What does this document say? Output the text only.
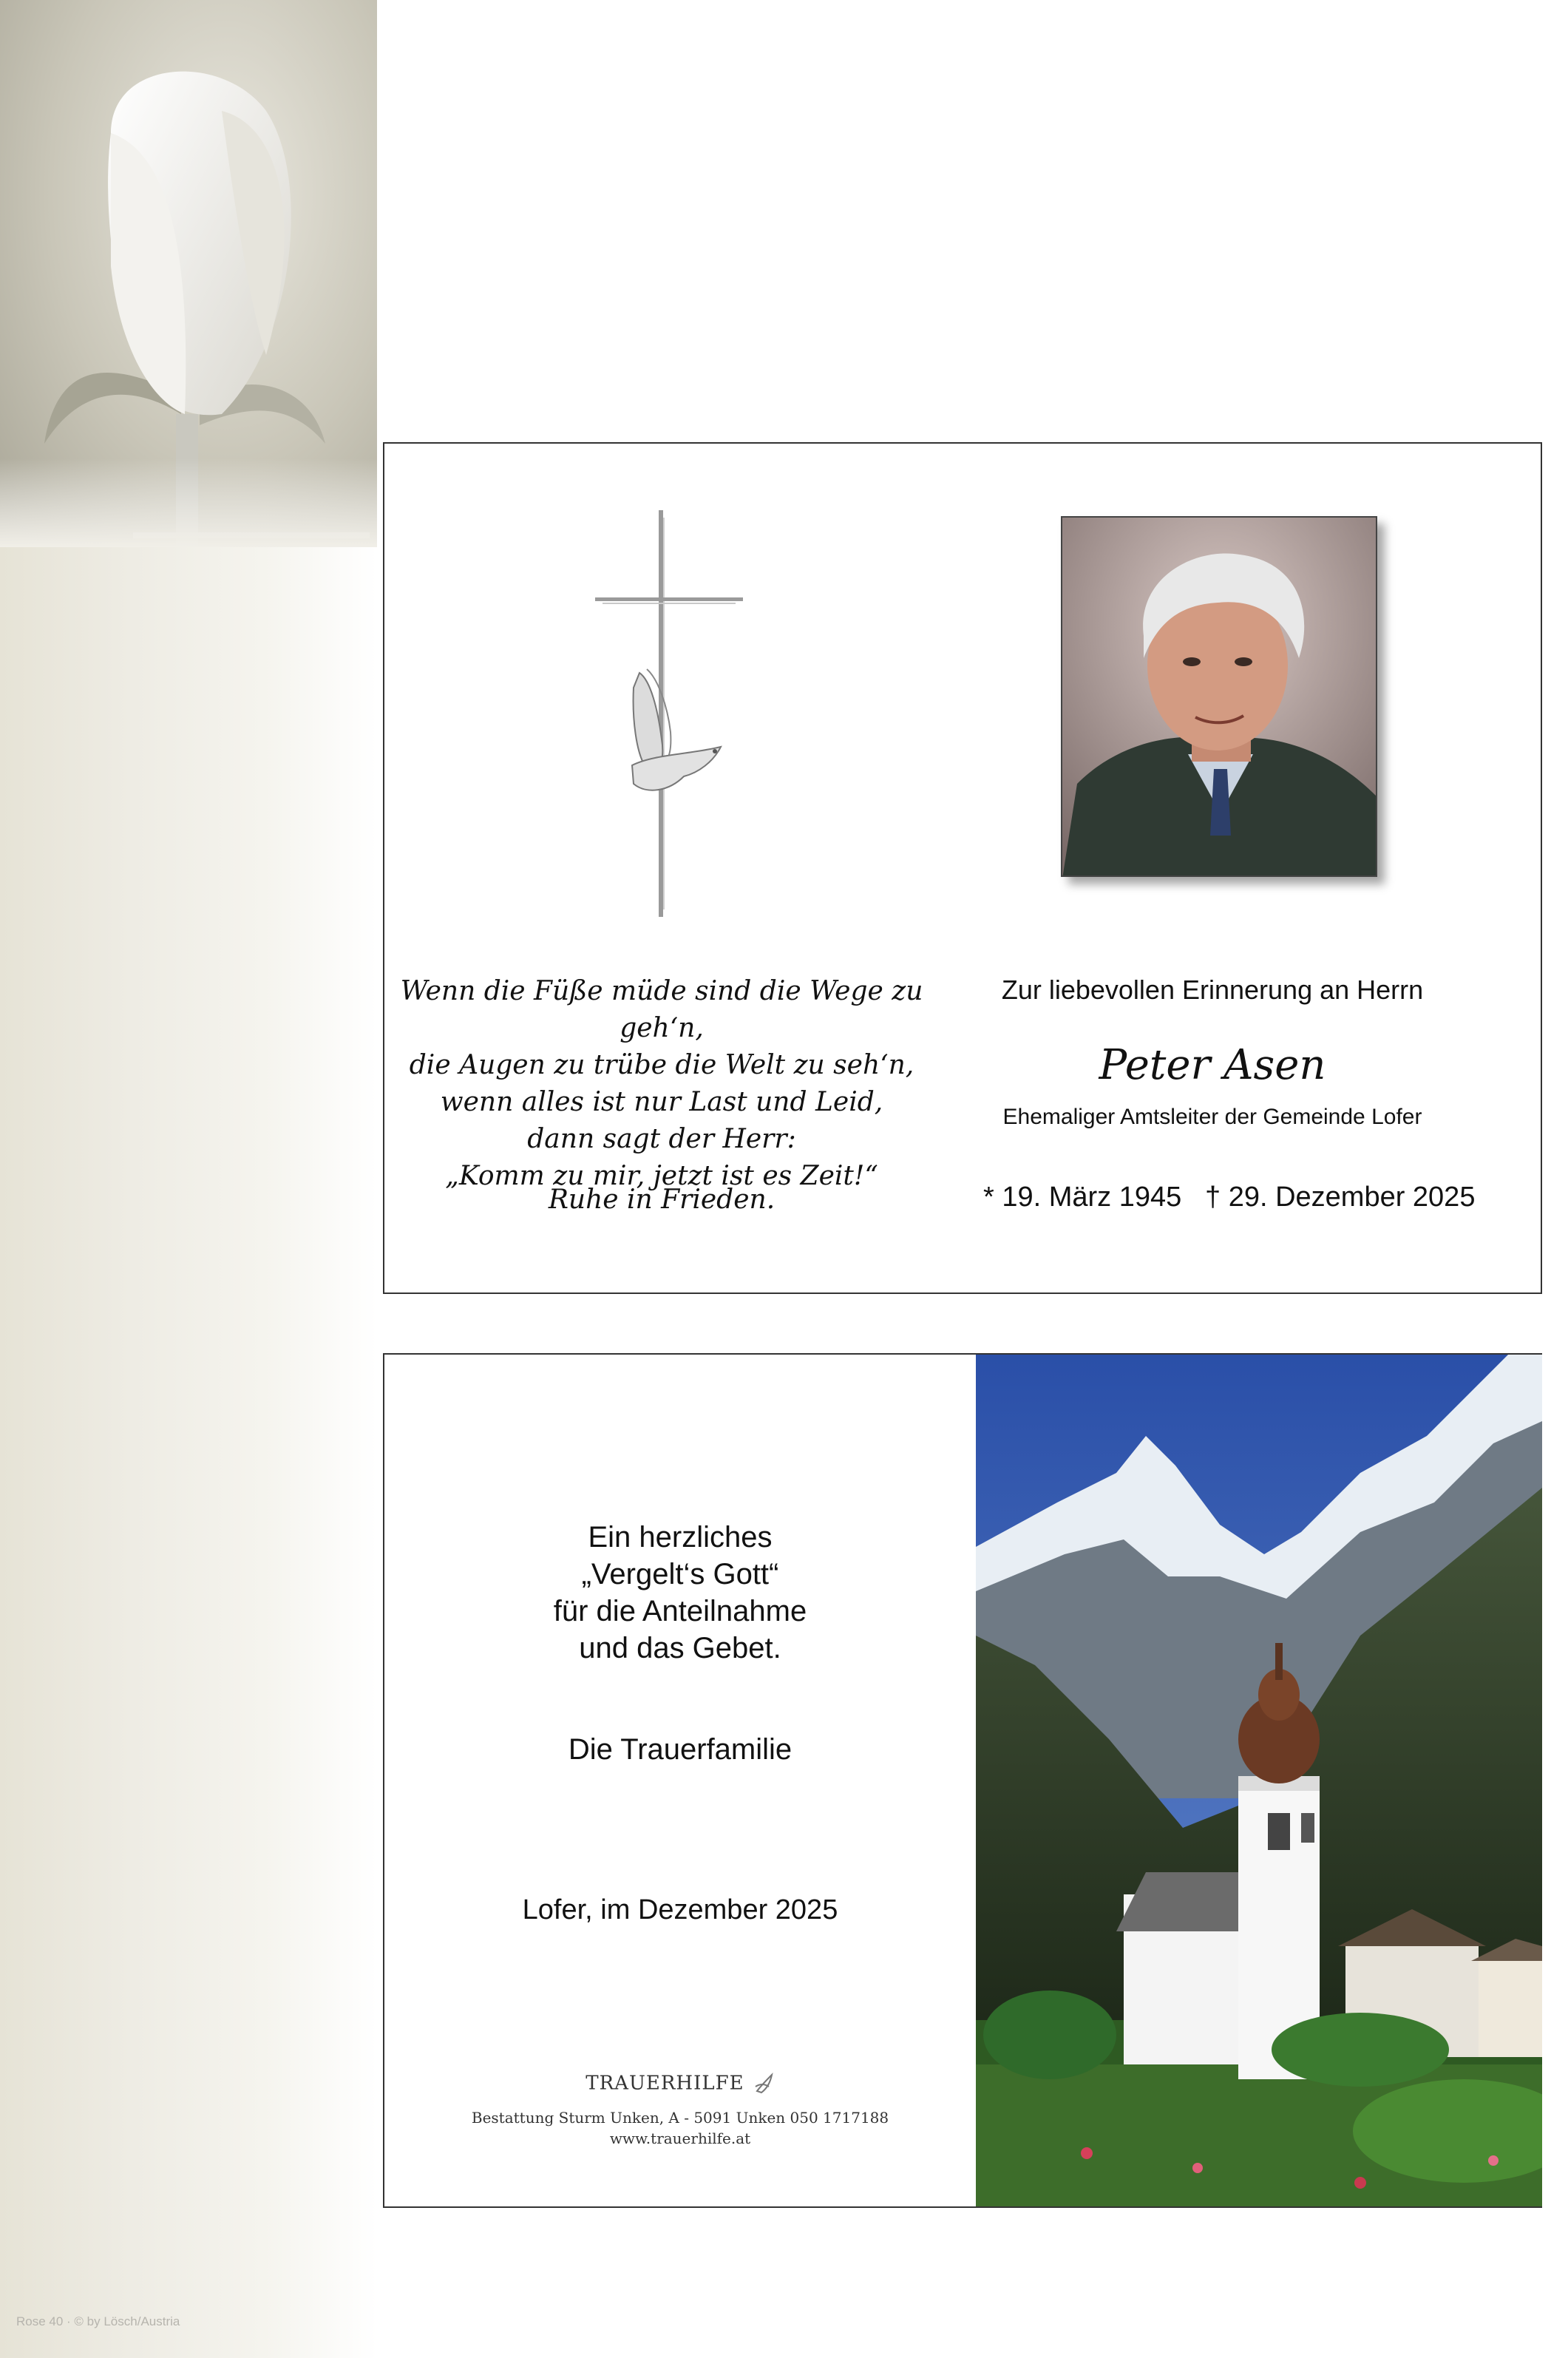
Rose 40 · © by Lösch/Austria
Wenn die Füße müde sind die Wege zu geh‘n,
die Augen zu trübe die Welt zu seh‘n,
wenn alles ist nur Last und Leid,
dann sagt der Herr:
„Komm zu mir, jetzt ist es Zeit!“
Ruhe in Frieden.
Zur liebevollen Erinnerung an Herrn
Peter Asen
Ehemaliger Amtsleiter der Gemeinde Lofer
* 19. März 1945 † 29. Dezember 2025
Ein herzliches
„Vergelt‘s Gott“
für die Anteilnahme
und das Gebet.
Die Trauerfamilie
Lofer, im Dezember 2025
TRAUERHILFE
Bestattung Sturm Unken, A - 5091 Unken 050 1717188
www.trauerhilfe.at
